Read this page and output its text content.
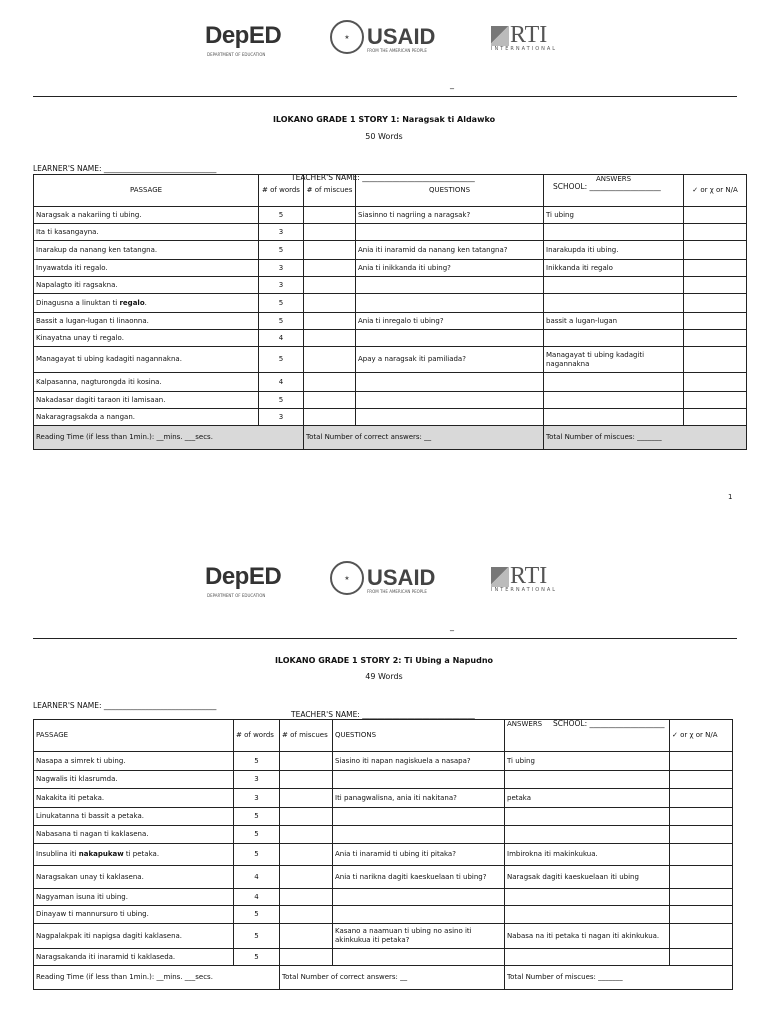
DepED
DEPARTMENT OF EDUCATION
★ USAID
FROM THE AMERICAN PEOPLE
RTI
INTERNATIONAL
_
ILOKANO GRADE 1 STORY 1: Naragsak ti Aldawko
50 Words

LEARNER'S NAME: ______________________________

TEACHER'S NAME: ______________________________

SCHOOL: ___________________

PASSAGE	# of words	# of miscues	QUESTIONS	ANSWERS	✓ or χ or N/A
Naragsak a nakariing ti ubing.	5		Siasinno ti nagriing a naragsak?	Ti ubing	
Ita ti kasangayna.	3				
Inarakup da nanang ken tatangna.	5		Ania iti inaramid da nanang ken tatangna?	Inarakupda iti ubing.	
Inyawatda iti regalo.	3		Ania ti inikkanda iti ubing?	Inikkanda iti regalo	
Napalagto iti ragsakna.	3				
Dinagusna a linuktan ti regalo.	5				
Bassit a lugan-lugan ti linaonna.	5		Ania ti inregalo ti ubing?	bassit a lugan-lugan	
Kinayatna unay ti regalo.	4				
Managayat ti ubing kadagiti nagannakna.	5		Apay a naragsak iti pamiliada?	Managayat ti ubing kadagiti nagannakna	
Kalpasanna, nagturongda iti kosina.	4				
Nakadasar dagiti taraon iti lamisaan.	5				
Nakaragragsakda a nangan.	3				
Reading Time (if less than 1min.): __mins. ___secs.		Total Number of correct answers: __		Total Number of miscues: _______	
1
DepED
DEPARTMENT OF EDUCATION
★ USAID
FROM THE AMERICAN PEOPLE
RTI
INTERNATIONAL
_
ILOKANO GRADE 1 STORY 2: Ti Ubing a Napudno
49 Words

LEARNER'S NAME: ______________________________

TEACHER'S NAME: ______________________________

SCHOOL: ____________________

PASSAGE	# of words	# of miscues	QUESTIONS	ANSWERS	✓ or χ or N/A
Nasapa a simrek ti ubing.	5		Siasino iti napan nagiskuela a nasapa?	Ti ubing	
Nagwalis iti klasrumda.	3				
Nakakita iti petaka.	3		Iti panagwalisna, ania iti nakitana?	petaka	
Linukatanna ti bassit a petaka.	5				
Nabasana ti nagan ti kaklasena.	5				
Insublina iti nakapukaw ti petaka.	5		Ania ti inaramid ti ubing iti pitaka?	Imbirokna iti makinkukua.	
Naragsakan unay ti kaklasena.	4		Ania ti narikna dagiti kaeskuelaan ti ubing?	Naragsak dagiti kaeskuelaan iti ubing	
Nagyaman isuna iti ubing.	4				
Dinayaw ti mannursuro ti ubing.	5				
Nagpalakpak iti napigsa dagiti kaklasena.	5		Kasano a naamuan ti ubing no asino iti akinkukua iti petaka?	Nabasa na iti petaka ti nagan iti akinkukua.	
Naragsakanda iti inaramid ti kaklaseda.	5				
Reading Time (if less than 1min.): __mins. ___secs.		Total Number of correct answers: __		Total Number of miscues: _______	
